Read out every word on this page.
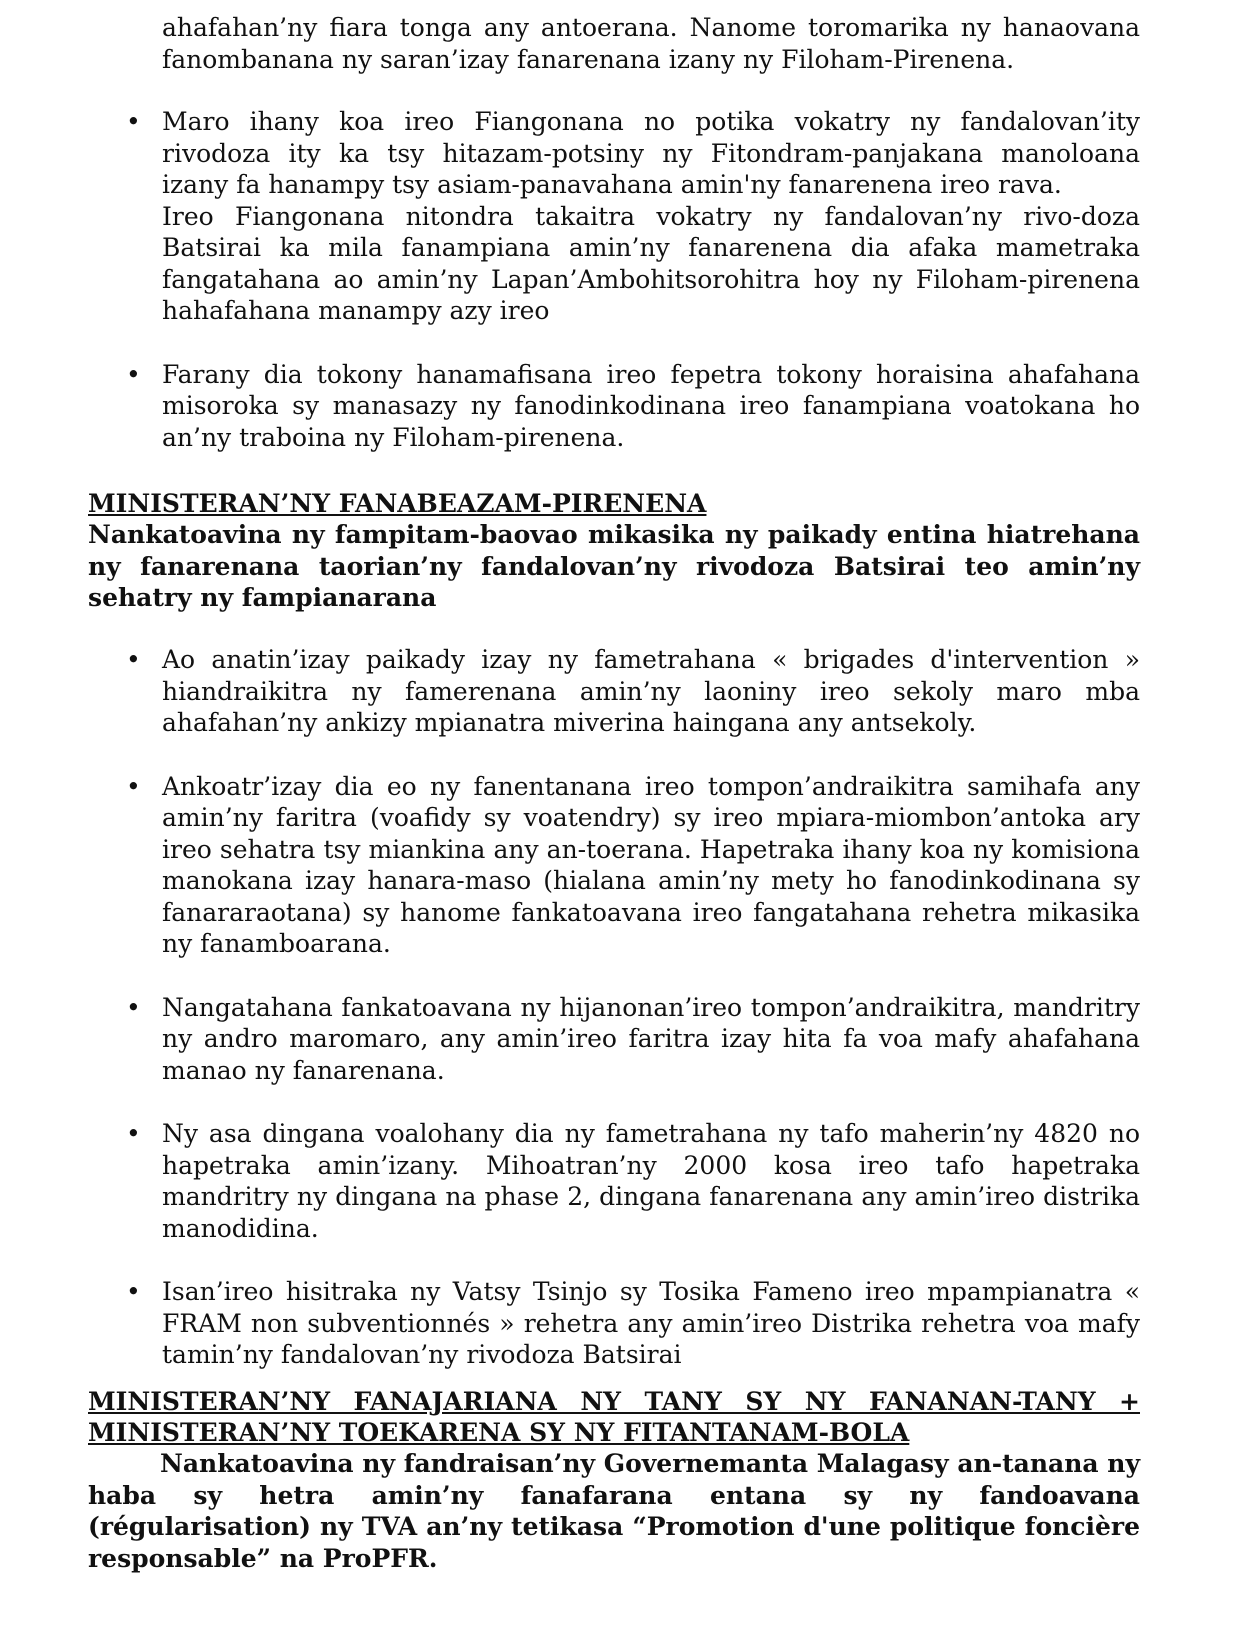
ahafahan’ny fiara tonga any antoerana. Nanome toromarika ny hanaovana fanombanana ny saran’izay fanarenana izany ny Filoham-Pirenena.

• Maro ihany koa ireo Fiangonana no potika vokatry ny fandalovan’ity rivodoza ity ka tsy hitazam-potsiny ny Fitondram-panjakana manoloana izany fa hanampy tsy asiam-panavahana amin'ny fanarenena ireo rava.
Ireo Fiangonana nitondra takaitra vokatry ny fandalovan’ny rivo-doza Batsirai ka mila fanampiana amin’ny fanarenena dia afaka mametraka fangatahana ao amin’ny Lapan’Ambohitsorohitra hoy ny Filoham-pirenena hahafahana manampy azy ireo
• Farany dia tokony hanamafisana ireo fepetra tokony horaisina ahafahana misoroka sy manasazy ny fanodinkodinana ireo fanampiana voatokana ho an’ny traboina ny Filoham-pirenena.

MINISTERAN’NY FANABEAZAM-PIRENENA

Nankatoavina ny fampitam-baovao mikasika ny paikady entina hiatrehana ny fanarenana taorian’ny fandalovan’ny rivodoza Batsirai teo amin’ny sehatry ny fampianarana

• Ao anatin’izay paikady izay ny fametrahana « brigades d'intervention » hiandraikitra ny famerenana amin’ny laoniny ireo sekoly maro mba ahafahan’ny ankizy mpianatra miverina haingana any antsekoly.
• Ankoatr’izay dia eo ny fanentanana ireo tompon’andraikitra samihafa any amin’ny faritra (voafidy sy voatendry) sy ireo mpiara-miombon’antoka ary ireo sehatra tsy miankina any an-toerana. Hapetraka ihany koa ny komisiona manokana izay hanara-maso (hialana amin’ny mety ho fanodinkodinana sy fanararaotana) sy hanome fankatoavana ireo fangatahana rehetra mikasika ny fanamboarana.
• Nangatahana fankatoavana ny hijanonan’ireo tompon’andraikitra, mandritry ny andro maromaro, any amin’ireo faritra izay hita fa voa mafy ahafahana manao ny fanarenana.
• Ny asa dingana voalohany dia ny fametrahana ny tafo maherin’ny 4820 no hapetraka amin’izany. Mihoatran’ny 2000 kosa ireo tafo hapetraka mandritry ny dingana na phase 2, dingana fanarenana any amin’ireo distrika manodidina.
• Isan’ireo hisitraka ny Vatsy Tsinjo sy Tosika Fameno ireo mpampianatra « FRAM non subventionnés » rehetra any amin’ireo Distrika rehetra voa mafy tamin’ny fandalovan’ny rivodoza Batsirai

MINISTERAN’NY FANAJARIANA NY TANY SY NY FANANAN-TANY +

MINISTERAN’NY TOEKARENA SY NY FITANTANAM-BOLA

Nankatoavina ny fandraisan’ny Governemanta Malagasy an-tanana ny haba sy hetra amin’ny fanafarana entana sy ny fandoavana (régularisation) ny TVA an’ny tetikasa “Promotion d'une politique foncière responsable” na ProPFR.
